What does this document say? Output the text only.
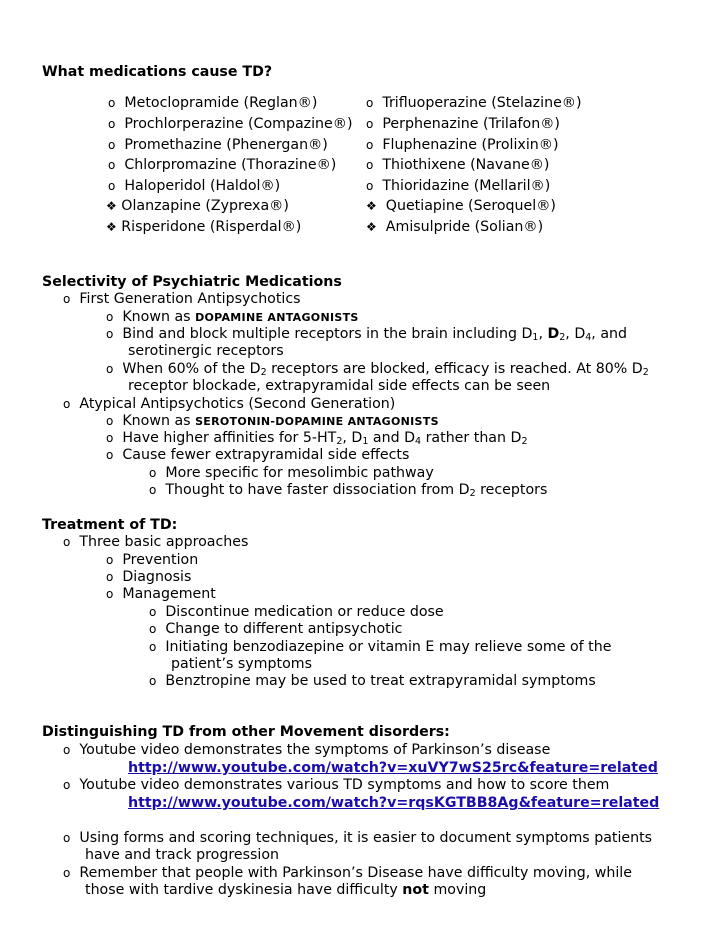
What medications cause TD?
o Metoclopramide (Reglan®)
o Prochlorperazine (Compazine®)
o Promethazine (Phenergan®)
o Chlorpromazine (Thorazine®)
o Haloperidol (Haldol®)
❖ Olanzapine (Zyprexa®)
❖ Risperidone (Risperdal®)
o Trifluoperazine (Stelazine®)
o Perphenazine (Trilafon®)
o Fluphenazine (Prolixin®)
o Thiothixene (Navane®)
o Thioridazine (Mellaril®)
❖ Quetiapine (Seroquel®)
❖ Amisulpride (Solian®)
Selectivity of Psychiatric Medications
o First Generation Antipsychotics
o Known as DOPAMINE ANTAGONISTS
o Bind and block multiple receptors in the brain including $D_1$, $D_2$, $D_4$, and
serotinergic receptors
o When 60% of the $D_2$ receptors are blocked, efficacy is reached. At 80% $D_2$
receptor blockade, extrapyramidal side effects can be seen
o Atypical Antipsychotics (Second Generation)
o Known as SEROTONIN-DOPAMINE ANTAGONISTS
o Have higher affinities for $5-HT_2$, $D_1$ and $D_4$ rather than $D_2$
o Cause fewer extrapyramidal side effects
o More specific for mesolimbic pathway
o Thought to have faster dissociation from $D_2$ receptors
Treatment of TD:
o Three basic approaches
o Prevention
o Diagnosis
o Management
o Discontinue medication or reduce dose
o Change to different antipsychotic
o Initiating benzodiazepine or vitamin E may relieve some of the
patient’s symptoms
o Benztropine may be used to treat extrapyramidal symptoms
Distinguishing TD from other Movement disorders:
o Youtube video demonstrates the symptoms of Parkinson’s disease
http://www.youtube.com/watch?v=xuVY7wS25rc&feature=related
o Youtube video demonstrates various TD symptoms and how to score them
http://www.youtube.com/watch?v=rqsKGTBB8Ag&feature=related
o Using forms and scoring techniques, it is easier to document symptoms patients
have and track progression
o Remember that people with Parkinson’s Disease have difficulty moving, while
those with tardive dyskinesia have difficulty not moving
